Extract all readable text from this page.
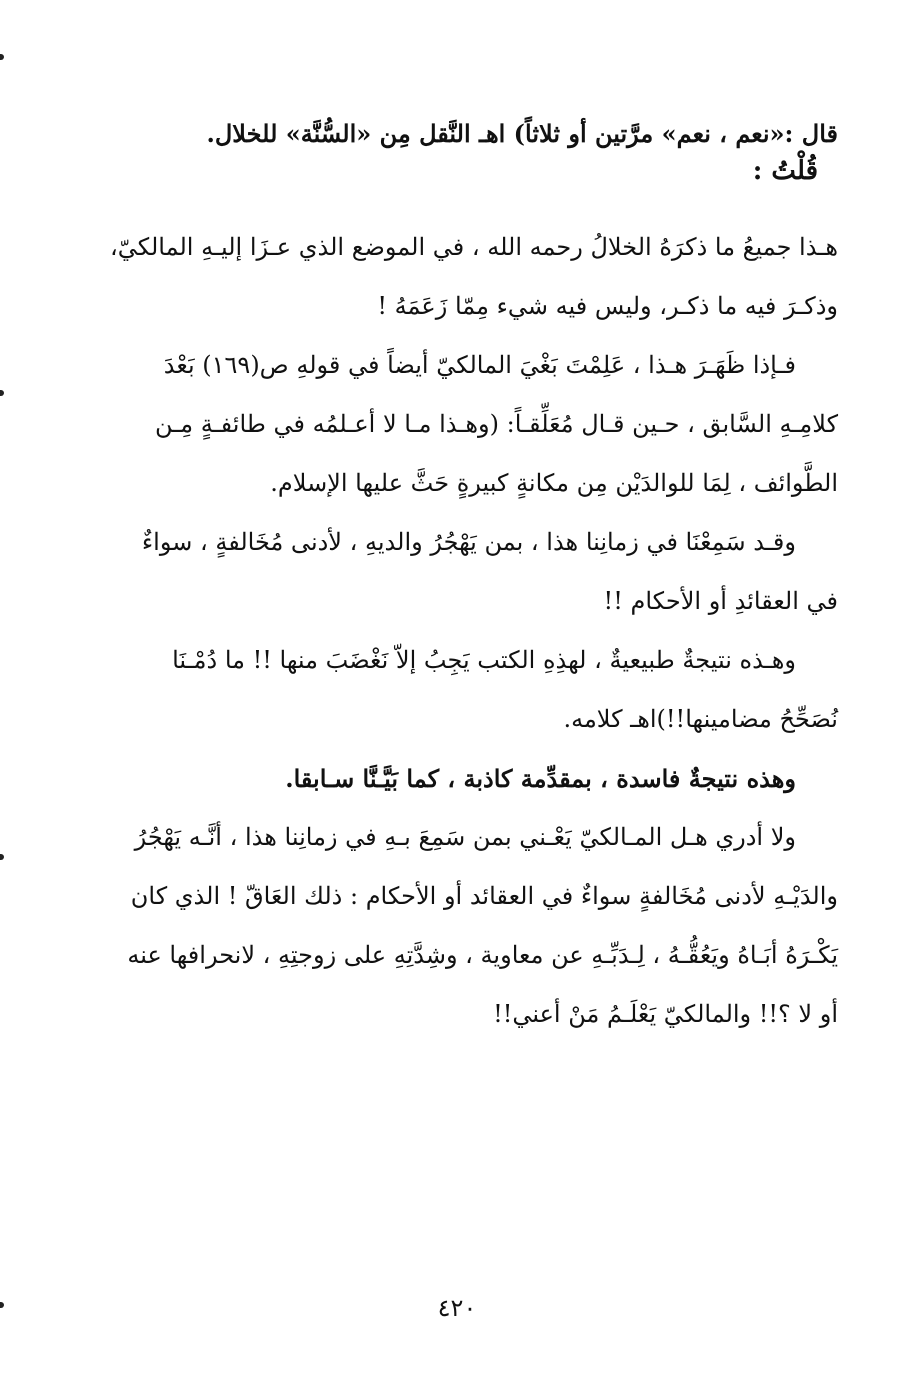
قال :«نعم ، نعم» مرَّتين أو ثلاثاً) اهـ النَّقل مِن «السُّنَّة» للخلال.
قُلْتُ :
هـذا جميعُ ما ذكرَهُ الخلالُ رحمه الله ، في الموضع الذي عـزَا إليـهِ المالكيّ،
وذكـرَ فيه ما ذكـر، وليس فيه شيء مِمّا زَعَمَهُ !
فـإذا ظَهَـرَ هـذا ، عَلِمْتَ بَغْيَ المالكيّ أيضاً في قولهِ ص(١٦٩) بَعْدَ
كلامِـهِ السَّابق ، حـين قـال مُعَلِّقـاً: (وهـذا مـا لا أعـلمُه في طائفـةٍ مِـن
الطَّوائف ، لِمَا للوالدَيْن مِن مكانةٍ كبيرةٍ حَثَّ عليها الإسلام.
وقـد سَمِعْنَا في زمانِنا هذا ، بمن يَهْجُرُ والديهِ ، لأدنى مُخَالفةٍ ، سواءٌ
في العقائدِ أو الأحكام !!
وهـذه نتيجةٌ طبيعيةٌ ، لهذِهِ الكتب يَجِبُ إلاّ نَغْضَبَ منها !! ما دُمْـنَا
نُصَحِّحُ مضامينها!!)اهـ كلامه.
وهذه نتيجةٌ فاسدة ، بمقدِّمة كاذبة ، كما بَيَّـنَّا سـابقا.
ولا أدري هـل المـالكيّ يَعْـني بمن سَمِعَ بـهِ في زمانِنا هذا ، أنَّـه يَهْجُرُ
والدَيْـهِ لأدنى مُخَالفةٍ سواءٌ في العقائد أو الأحكام : ذلك العَاقّ ! الذي كان
يَكْـرَهُ أبَـاهُ ويَعُقُّـهُ ، لِـدَبِّـهِ عن معاوية ، وشِدَّتِهِ على زوجتِهِ ، لانحرافها عنه
أو لا ؟!! والمالكيّ يَعْلَـمُ مَنْ أعني!!
٤٢٠
